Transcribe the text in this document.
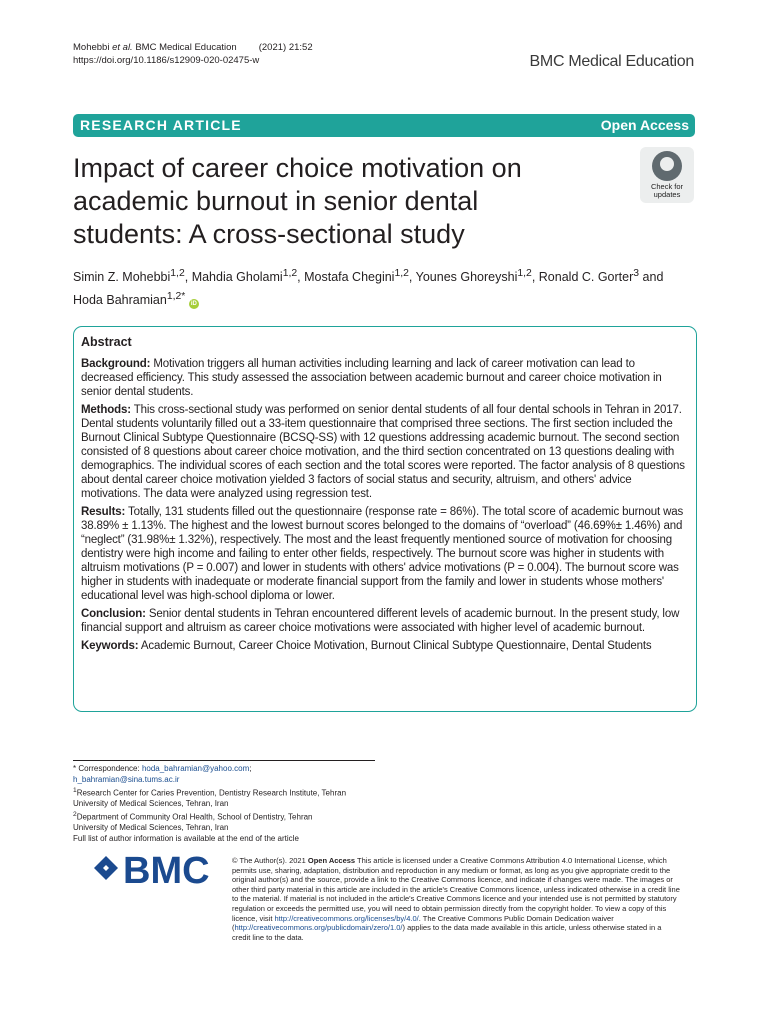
Mohebbi et al. BMC Medical Education (2021) 21:52
https://doi.org/10.1186/s12909-020-02475-w	BMC Medical Education
RESEARCH ARTICLE	Open Access
Impact of career choice motivation on academic burnout in senior dental students: A cross-sectional study
Check for
updates
Simin Z. Mohebbi$^{1,2}$, Mahdia Gholami$^{1,2}$, Mostafa Chegini$^{1,2}$, Younes Ghoreyshi$^{1,2}$, Ronald C. Gorter$^3$ and
Hoda Bahramian$^{1,2*}$ iD
Abstract

Background: Motivation triggers all human activities including learning and lack of career motivation can lead to decreased efficiency. This study assessed the association between academic burnout and career choice motivation in senior dental students.

Methods: This cross-sectional study was performed on senior dental students of all four dental schools in Tehran in 2017. Dental students voluntarily filled out a 33-item questionnaire that comprised three sections. The first section included the Burnout Clinical Subtype Questionnaire (BCSQ-SS) with 12 questions addressing academic burnout. The second section consisted of 8 questions about career choice motivation, and the third section concentrated on 13 questions dealing with demographics. The individual scores of each section and the total scores were reported. The factor analysis of 8 questions about dental career choice motivation yielded 3 factors of social status and security, altruism, and others' advice motivations. The data were analyzed using regression test.

Results: Totally, 131 students filled out the questionnaire (response rate = 86%). The total score of academic burnout was 38.89% ± 1.13%. The highest and the lowest burnout scores belonged to the domains of “overload” (46.69%± 1.46%) and “neglect” (31.98%± 1.32%), respectively. The most and the least frequently mentioned source of motivation for choosing dentistry were high income and failing to enter other fields, respectively. The burnout score was higher in students with altruism motivations (P = 0.007) and lower in students with others' advice motivations (P = 0.004). The burnout score was higher in students with inadequate or moderate financial support from the family and lower in students whose mothers' educational level was high-school diploma or lower.

Conclusion: Senior dental students in Tehran encountered different levels of academic burnout. In the present study, low financial support and altruism as career choice motivations were associated with higher level of academic burnout.

Keywords: Academic Burnout, Career Choice Motivation, Burnout Clinical Subtype Questionnaire, Dental Students

* Correspondence: hoda_bahramian@yahoo.com;
h_bahramian@sina.tums.ac.ir
$^1$Research Center for Caries Prevention, Dentistry Research Institute, Tehran
University of Medical Sciences, Tehran, Iran
$^2$Department of Community Oral Health, School of Dentistry, Tehran
University of Medical Sciences, Tehran, Iran
Full list of author information is available at the end of the article
BMC	© The Author(s). 2021 Open Access This article is licensed under a Creative Commons Attribution 4.0 International License, which permits use, sharing, adaptation, distribution and reproduction in any medium or format, as long as you give appropriate credit to the original author(s) and the source, provide a link to the Creative Commons licence, and indicate if changes were made. The images or other third party material in this article are included in the article's Creative Commons licence, unless indicated otherwise in a credit line to the material. If material is not included in the article's Creative Commons licence and your intended use is not permitted by statutory regulation or exceeds the permitted use, you will need to obtain permission directly from the copyright holder. To view a copy of this licence, visit http://creativecommons.org/licenses/by/4.0/. The Creative Commons Public Domain Dedication waiver (http://creativecommons.org/publicdomain/zero/1.0/) applies to the data made available in this article, unless otherwise stated in a credit line to the data.
